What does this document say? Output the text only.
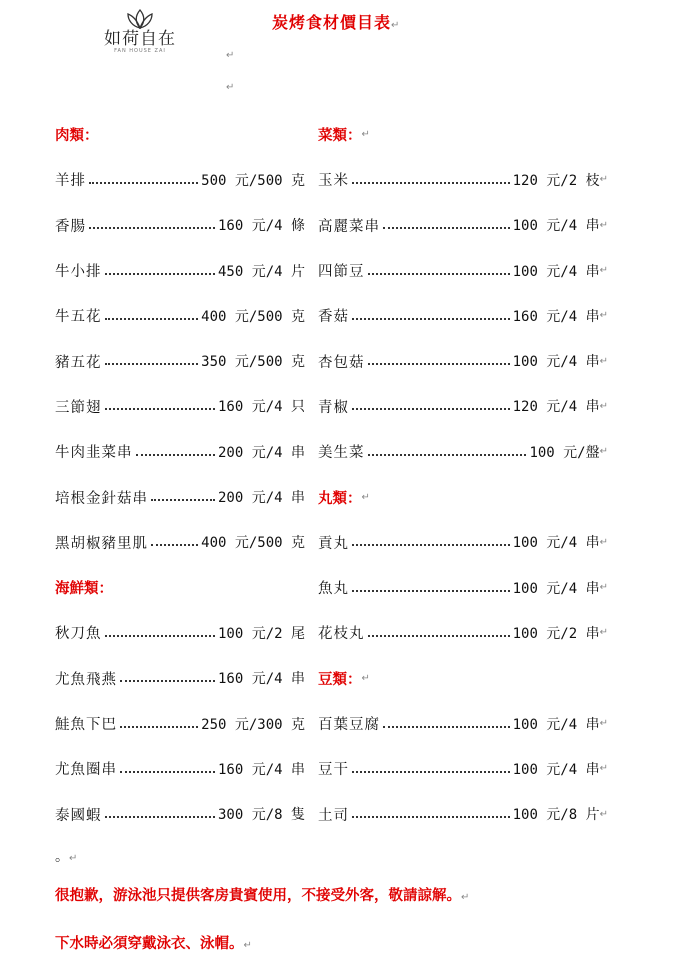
如荷自在
FAN HOUSE ZAI
炭烤食材價目表↵
↵
↵
肉類：
羊排	500 元/500 克
香腸	160 元/4 條
牛小排	450 元/4 片
牛五花	400 元/500 克
豬五花	350 元/500 克
三節翅	160 元/4 只
牛肉韭菜串	200 元/4 串
培根金針菇串	200 元/4 串
黑胡椒豬里肌	400 元/500 克
海鮮類：
秋刀魚	100 元/2 尾
尤魚飛燕	160 元/4 串
鮭魚下巴	250 元/300 克
尤魚圈串	160 元/4 串
泰國蝦	300 元/8 隻
菜類： ↵
玉米	120 元/2 枝 ↵
高麗菜串	100 元/4 串 ↵
四節豆	100 元/4 串 ↵
香菇	160 元/4 串 ↵
杏包菇	100 元/4 串 ↵
青椒	120 元/4 串 ↵
美生菜	100 元/盤 ↵
丸類： ↵
貢丸	100 元/4 串 ↵
魚丸	100 元/4 串 ↵
花枝丸	100 元/2 串 ↵
豆類： ↵
百葉豆腐	100 元/4 串 ↵
豆干	100 元/4 串 ↵
土司	100 元/8 片 ↵
。↵
很抱歉，游泳池只提供客房貴賓使用，不接受外客，敬請諒解。↵
下水時必須穿戴泳衣、泳帽。↵
